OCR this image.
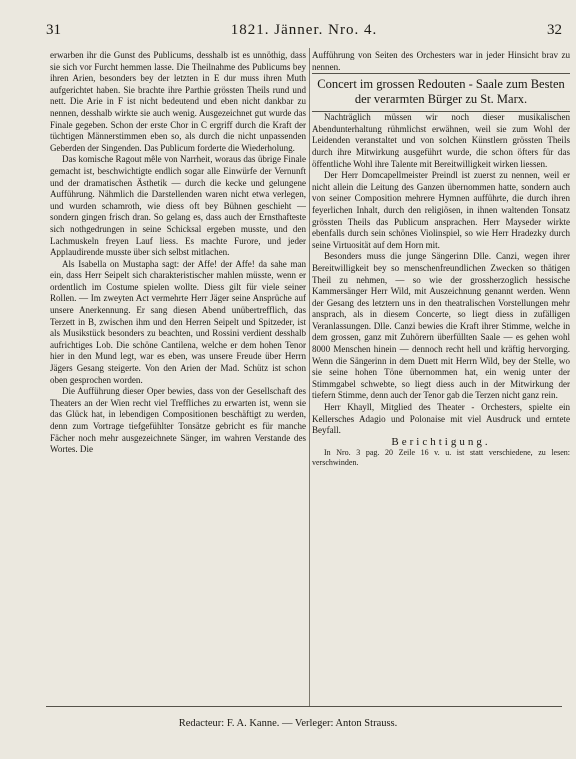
31	1821. Jänner. Nro. 4.	32

erwarben ihr die Gunst des Publicums, desshalb ist es unnöthig, dass sie sich vor Furcht hemmen lasse. Die Theilnahme des Publicums bey ihren Arien, besonders bey der letzten in E dur muss ihren Muth aufgerichtet haben. Sie brachte ihre Parthie grössten Theils rund und nett. Die Arie in F ist nicht bedeutend und eben nicht dankbar zu nennen, desshalb wirkte sie auch wenig. Ausgezeichnet gut wurde das Finale gegeben. Schon der erste Chor in C ergriff durch die Kraft der tüchtigen Männerstimmen eben so, als durch die nicht unpassenden Geberden der Singenden. Das Publicum forderte die Wiederholung.

Das komische Ragout mêle von Narrheit, woraus das übrige Finale gemacht ist, beschwichtigte endlich sogar alle Einwürfe der Vernunft und der dramatischen Ästhetik — durch die kecke und gelungene Aufführung. Nähmlich die Darstellenden waren nicht etwa verlegen, und wurden schamroth, wie diess oft bey Bühnen geschieht — sondern gingen frisch dran. So gelang es, dass auch der Ernsthafteste sich nothgedrungen in seine Schicksal ergeben musste, und den Lachmuskeln freyen Lauf liess. Es machte Furore, und jeder Applaudirende musste über sich selbst mitlachen.

Als Isabella on Mustapha sagt: der Affe! der Affe! da sahe man ein, dass Herr Seipelt sich charakteristischer mahlen müsste, wenn er ordentlich im Costume spielen wollte. Diess gilt für viele seiner Rollen. — Im zweyten Act vermehrte Herr Jäger seine Ansprüche auf unsere Anerkennung. Er sang diesen Abend unübertrefflich, das Terzett in B, zwischen ihm und den Herren Seipelt und Spitzeder, ist als Musikstück besonders zu beachten, und Rossini verdient desshalb aufrichtiges Lob. Die schöne Cantilena, welche er dem hohen Tenor hier in den Mund legt, war es eben, was unsere Freude über Herrn Jägers Gesang steigerte. Von den Arien der Mad. Schütz ist schon oben gesprochen worden.

Die Aufführung dieser Oper bewies, dass von der Gesellschaft des Theaters an der Wien recht viel Treffliches zu erwarten ist, wenn sie das Glück hat, in lebendigen Compositionen beschäftigt zu werden, denn zum Vortrage tiefgefühlter Tonsätze gebricht es für manche Fächer noch mehr ausgezeichnete Sänger, im wahren Verstande des Wortes. Die

Aufführung von Seiten des Orchesters war in jeder Hinsicht brav zu nennen.

Concert im grossen Redouten - Saale zum Besten der verarmten Bürger zu St. Marx.

Nachträglich müssen wir noch dieser musikalischen Abendunterhaltung rühmlichst erwähnen, weil sie zum Wohl der Leidenden veranstaltet und von solchen Künstlern grössten Theils durch ihre Mitwirkung ausgeführt wurde, die schon öfters für das öffentliche Wohl ihre Talente mit Bereitwilligkeit wirken liessen.

Der Herr Domcapellmeister Preindl ist zuerst zu nennen, weil er nicht allein die Leitung des Ganzen übernommen hatte, sondern auch von seiner Composition mehrere Hymnen aufführte, die durch ihren feyerlichen Inhalt, durch den religiösen, in ihnen waltenden Tonsatz grössten Theils das Publicum ansprachen. Herr Mayseder wirkte ebenfalls durch sein schönes Violinspiel, so wie Herr Hradezky durch seine Virtuosität auf dem Horn mit.

Besonders muss die junge Sängerinn Dlle. Canzi, wegen ihrer Bereitwilligkeit bey so menschenfreundlichen Zwecken so thätigen Theil zu nehmen, — so wie der grossherzoglich hessische Kammersänger Herr Wild, mit Auszeichnung genannt werden. Wenn der Gesang des letztern uns in den theatralischen Vorstellungen mehr ansprach, als in diesem Concerte, so liegt diess in zufälligen Veranlassungen. Dlle. Canzi bewies die Kraft ihrer Stimme, welche in dem grossen, ganz mit Zuhörern überfüllten Saale — es gehen wohl 8000 Menschen hinein — dennoch recht hell und kräftig hervorging. Wenn die Sängerinn in dem Duett mit Herrn Wild, bey der Stelle, wo sie seine hohen Töne übernommen hat, ein wenig unter der Stimmgabel schwebte, so liegt diess auch in der Mitwirkung der tiefern Stimme, denn auch der Tenor gab die Terzen nicht ganz rein.

Herr Khayll, Mitglied des Theater - Orchesters, spielte ein Kellersches Adagio und Polonaise mit viel Ausdruck und erntete Beyfall.

Berichtigung.

In Nro. 3 pag. 20 Zeile 16 v. u. ist statt verschiedene, zu lesen: verschwinden.

Redacteur: F. A. Kanne. — Verleger: Anton Strauss.
